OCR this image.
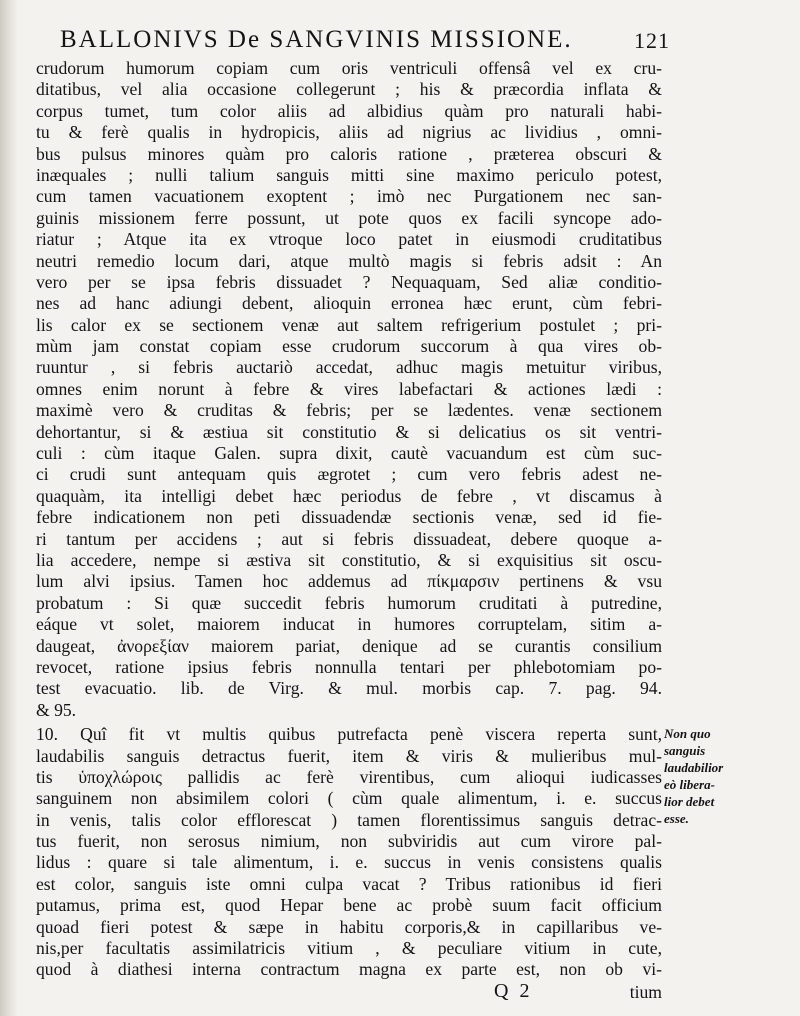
BALLONIVS De SANGVINIS MISSIONE.	121
crudorum humorum copiam cum oris ventriculi offensâ vel ex cru-
ditatibus, vel alia occasione collegerunt ; his & præcordia inflata &
corpus tumet, tum color aliis ad albidius quàm pro naturali habi-
tu & ferè qualis in hydropicis, aliis ad nigrius ac lividius , omni-
bus pulsus minores quàm pro caloris ratione , præterea obscuri &
inæquales ; nulli talium sanguis mitti sine maximo periculo potest,
cum tamen vacuationem exoptent ; imò nec Purgationem nec san-
guinis missionem ferre possunt, ut pote quos ex facili syncope ado-
riatur ; Atque ita ex vtroque loco patet in eiusmodi cruditatibus
neutri remedio locum dari, atque multò magis si febris adsit : An
vero per se ipsa febris dissuadet ? Nequaquam, Sed aliæ conditio-
nes ad hanc adiungi debent, alioquin erronea hæc erunt, cùm febri-
lis calor ex se sectionem venæ aut saltem refrigerium postulet ; pri-
mùm jam constat copiam esse crudorum succorum à qua vires ob-
ruuntur , si febris auctariò accedat, adhuc magis metuitur viribus,
omnes enim norunt à febre & vires labefactari & actiones lædi :
maximè vero & cruditas & febris; per se lædentes. venæ sectionem
dehortantur, si & æstiua sit constitutio & si delicatius os sit ventri-
culi : cùm itaque Galen. supra dixit, cautè vacuandum est cùm suc-
ci crudi sunt antequam quis ægrotet ; cum vero febris adest ne-
quaquàm, ita intelligi debet hæc periodus de febre , vt discamus à
febre indicationem non peti dissuadendæ sectionis venæ, sed id fie-
ri tantum per accidens ; aut si febris dissuadeat, debere quoque a-
lia accedere, nempe si æstiva sit constitutio, & si exquisitius sit oscu-
lum alvi ipsius. Tamen hoc addemus ad πίκμαρσιν pertinens & vsu
probatum : Si quæ succedit febris humorum cruditati à putredine,
eáque vt solet, maiorem inducat in humores corruptelam, sitim a-
daugeat, ἀνορεξίαν maiorem pariat, denique ad se curantis consilium
revocet, ratione ipsius febris nonnulla tentari per phlebotomiam po-
test evacuatio. lib. de Virg. & mul. morbis cap. 7. pag. 94.
& 95.
10. Quî fit vt multis quibus putrefacta penè viscera reperta sunt,
laudabilis sanguis detractus fuerit, item & viris & mulieribus mul-
tis ὑποχλώροις pallidis ac ferè virentibus, cum alioqui iudicasses
sanguinem non absimilem colori ( cùm quale alimentum, i. e. succus
in venis, talis color efflorescat ) tamen florentissimus sanguis detrac-
tus fuerit, non serosus nimium, non subviridis aut cum virore pal-
lidus : quare si tale alimentum, i. e. succus in venis consistens qualis
est color, sanguis iste omni culpa vacat ? Tribus rationibus id fieri
putamus, prima est, quod Hepar bene ac probè suum facit officium
quoad fieri potest & sæpe in habitu corporis,& in capillaribus ve-
nis,per facultatis assimilatricis vitium , & peculiare vitium in cute,
quod à diathesi interna contractum magna ex parte est, non ob vi-
Non quo
sanguis
laudabilior
eò libera-
lior debet
esse.
Q 2	tium
